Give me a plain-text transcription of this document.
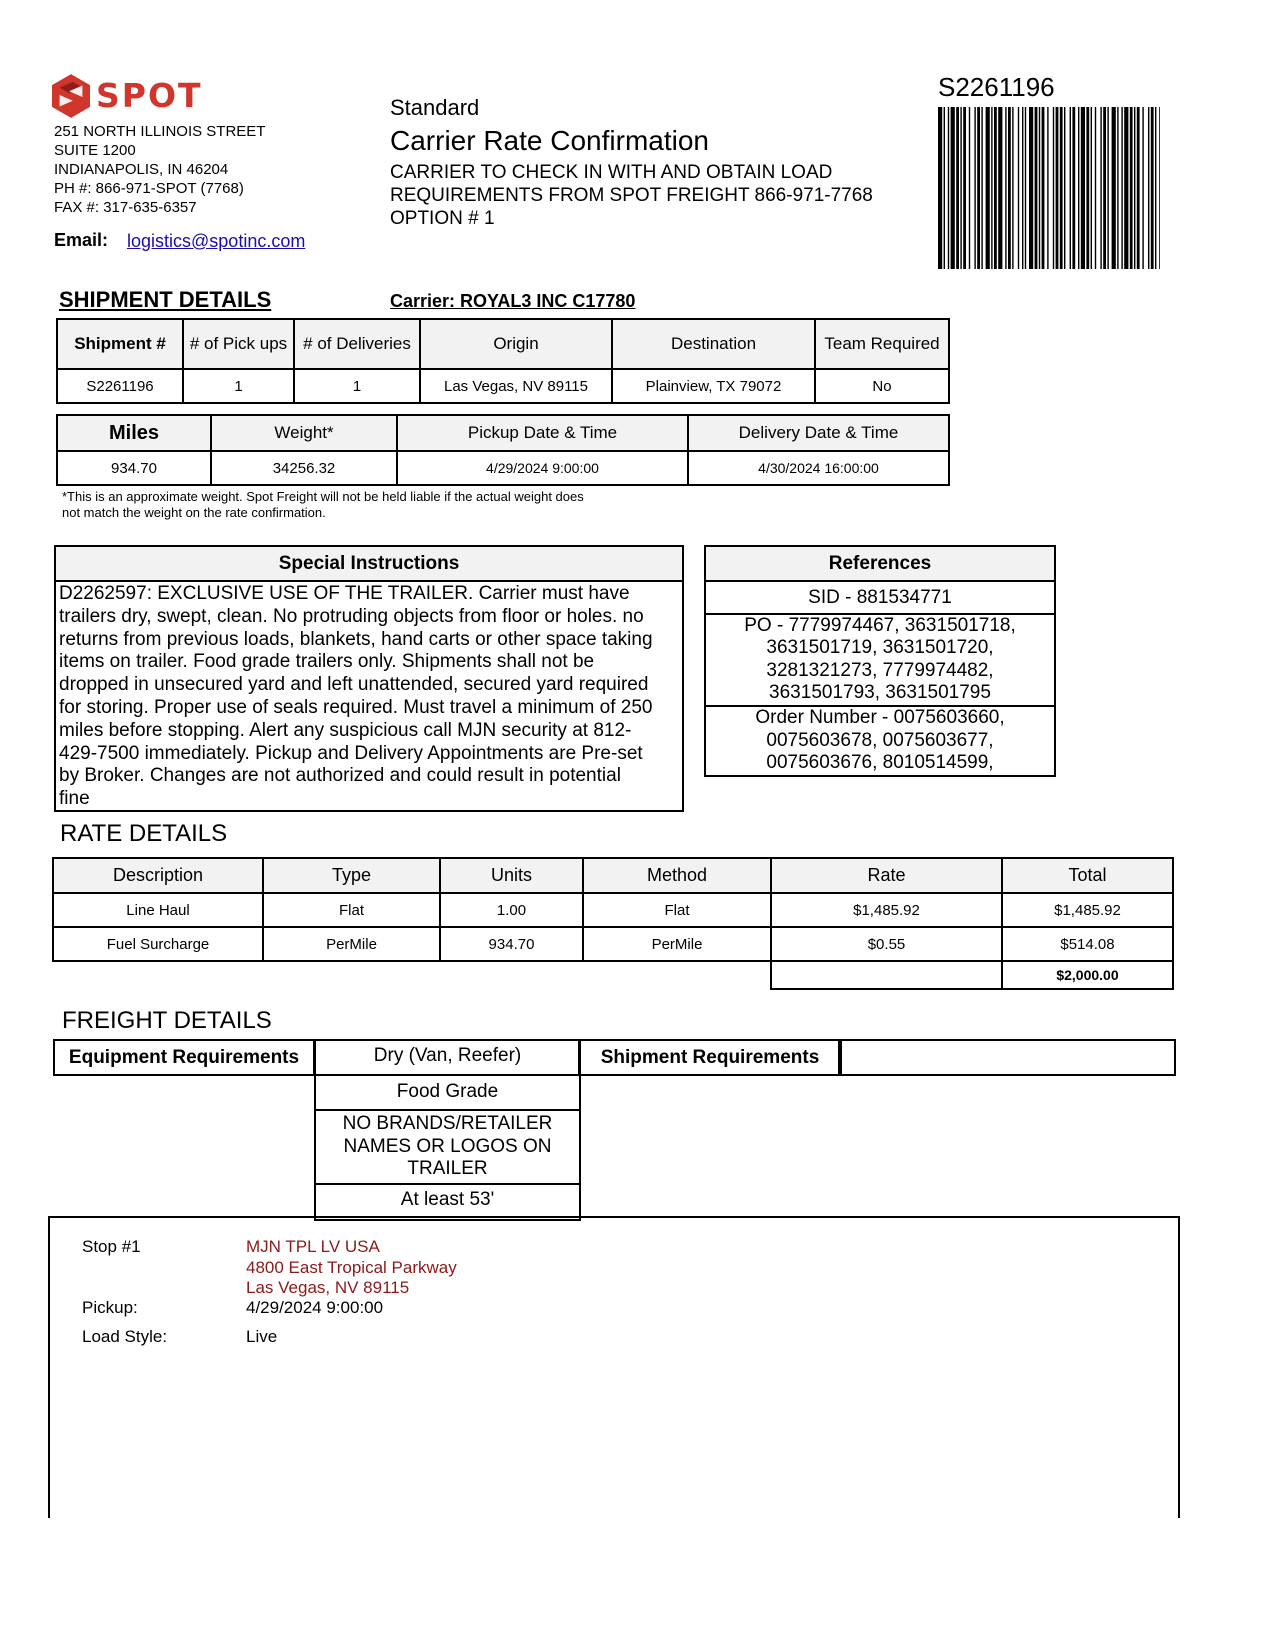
SPOT
251 NORTH ILLINOIS STREET
SUITE 1200
INDIANAPOLIS, IN 46204
PH #: 866-971-SPOT (7768)
FAX #: 317-635-6357
Email: logistics@spotinc.com
Standard
Carrier Rate Confirmation
CARRIER TO CHECK IN WITH AND OBTAIN LOAD
REQUIREMENTS FROM SPOT FREIGHT 866-971-7768
OPTION # 1
S2261196
SHIPMENT DETAILS	Carrier: ROYAL3 INC C17780
Shipment #	# of Pick ups	# of Deliveries	Origin	Destination	Team Required
S2261196	1	1	Las Vegas, NV 89115	Plainview, TX 79072	No
Miles	Weight*	Pickup Date & Time	Delivery Date & Time
934.70	34256.32	4/29/2024 9:00:00	4/30/2024 16:00:00
*This is an approximate weight. Spot Freight will not be held liable if the actual weight does
not match the weight on the rate confirmation.
Special Instructions
D2262597: EXCLUSIVE USE OF THE TRAILER. Carrier must have
trailers dry, swept, clean. No protruding objects from floor or holes. no
returns from previous loads, blankets, hand carts or other space taking
items on trailer. Food grade trailers only. Shipments shall not be
dropped in unsecured yard and left unattended, secured yard required
for storing. Proper use of seals required. Must travel a minimum of 250
miles before stopping. Alert any suspicious call MJN security at 812-
429-7500 immediately. Pickup and Delivery Appointments are Pre-set
by Broker. Changes are not authorized and could result in potential
fine
References
SID - 881534771
PO - 7779974467, 3631501718,
3631501719, 3631501720,
3281321273, 7779974482,
3631501793, 3631501795
Order Number - 0075603660,
0075603678, 0075603677,
0075603676, 8010514599,
RATE DETAILS
Description	Type	Units	Method	Rate	Total
Line Haul	Flat	1.00	Flat	$1,485.92	$1,485.92
Fuel Surcharge	PerMile	934.70	PerMile	$0.55	$514.08
					$2,000.00
FREIGHT DETAILS
Equipment Requirements	Dry (Van, Reefer)
Food Grade
NO BRANDS/RETAILER
NAMES OR LOGOS ON
TRAILER
At least 53'
Shipment Requirements
Stop #1	MJN TPL LV USA
4800 East Tropical Parkway
Las Vegas, NV 89115
Pickup:	4/29/2024 9:00:00
Load Style:	Live
